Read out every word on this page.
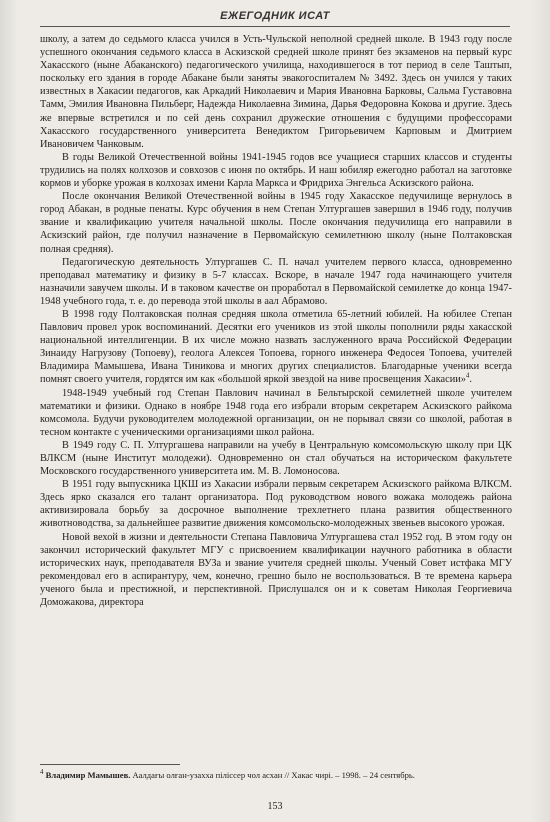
ЕЖЕГОДНИК ИСАТ

школу, а затем до седьмого класса учился в Усть-Чульской неполной средней школе. В 1943 году после успешного окончания седьмого класса в Аскизской средней школе принят без экзаменов на первый курс Хакасского (ныне Абаканского) педагогического училища, находившегося в тот период в селе Таштып, поскольку его здания в городе Абакане были заняты эвакогоспиталем № 3492. Здесь он учился у таких известных в Хакасии педагогов, как Аркадий Николаевич и Мария Ивановна Барковы, Сальма Густавовна Тамм, Эмилия Ивановна Пильберг, Надежда Николаевна Зимина, Дарья Федоровна Кокова и другие. Здесь же впервые встретился и по сей день сохранил дружеские отношения с будущими профессорами Хакасского государственного университета Венедиктом Григорьевичем Карповым и Дмитрием Ивановичем Чанковым.

В годы Великой Отечественной войны 1941-1945 годов все учащиеся старших классов и студенты трудились на полях колхозов и совхозов с июня по октябрь. И наш юбиляр ежегодно работал на заготовке кормов и уборке урожая в колхозах имени Карла Маркса и Фридриха Энгельса Аскизского района.

После окончания Великой Отечественной войны в 1945 году Хакасское педучилище вернулось в город Абакан, в родные пенаты. Курс обучения в нем Степан Ултургашев завершил в 1946 году, получив звание и квалификацию учителя начальной школы. После окончания педучилища его направили в Аскизский район, где получил назначение в Первомайскую семилетнюю школу (ныне Полтаковская полная средняя).

Педагогическую деятельность Ултургашев С. П. начал учителем первого класса, одновременно преподавал математику и физику в 5-7 классах. Вскоре, в начале 1947 года начинающего учителя назначили завучем школы. И в таковом качестве он проработал в Первомайской семилетке до конца 1947-1948 учебного года, т. е. до перевода этой школы в аал Абрамово.

В 1998 году Полтаковская полная средняя школа отметила 65-летний юбилей. На юбилее Степан Павлович провел урок воспоминаний. Десятки его учеников из этой школы пополнили ряды хакасской национальной интеллигенции. В их числе можно назвать заслуженного врача Российской Федерации Зинаиду Нагрузову (Топоеву), геолога Алексея Топоева, горного инженера Федосея Топоева, учителей Владимира Мамышева, Ивана Тиникова и многих других специалистов. Благодарные ученики всегда помнят своего учителя, гордятся им как «большой яркой звездой на ниве просвещения Хакасии»$^4$.

1948-1949 учебный год Степан Павлович начинал в Бельтырской семилетней школе учителем математики и физики. Однако в ноябре 1948 года его избрали вторым секретарем Аскизского райкома комсомола. Будучи руководителем молодежной организации, он не порывал связи со школой, работая в тесном контакте с ученическими организациями школ района.

В 1949 году С. П. Ултургашева направили на учебу в Центральную комсомольскую школу при ЦК ВЛКСМ (ныне Институт молодежи). Одновременно он стал обучаться на историческом факультете Московского государственного университета им. М. В. Ломоносова.

В 1951 году выпускника ЦКШ из Хакасии избрали первым секретарем Аскизского райкома ВЛКСМ. Здесь ярко сказался его талант организатора. Под руководством нового вожака молодежь района активизировала борьбу за досрочное выполнение трехлетнего плана развития общественного животноводства, за дальнейшее развитие движения комсомольско-молодежных звеньев высокого урожая.

Новой вехой в жизни и деятельности Степана Павловича Ултургашева стал 1952 год. В этом году он закончил исторический факультет МГУ с присвоением квалификации научного работника в области исторических наук, преподавателя ВУЗа и звание учителя средней школы. Ученый Совет истфака МГУ рекомендовал его в аспирантуру, чем, конечно, грешно было не воспользоваться. В те времена карьера ученого была и престижной, и перспективной. Прислушался он и к советам Николая Георгиевича Доможакова, директора

$^4$ Владимир Мамышев. Аалдағы олған-узахха пілiссер чол асхан // Хакас чирi. – 1998. – 24 сентябрь.
153
